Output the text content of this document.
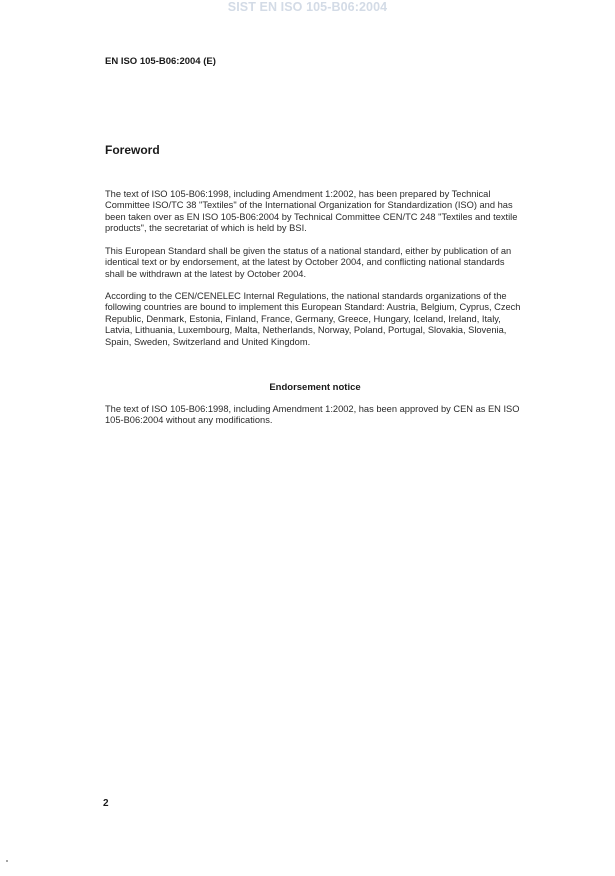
SIST EN ISO 105-B06:2004
EN ISO 105-B06:2004 (E)
Foreword

The text of ISO 105-B06:1998, including Amendment 1:2002, has been prepared by Technical Committee ISO/TC 38 "Textiles" of the International Organization for Standardization (ISO) and has been taken over as EN ISO 105-B06:2004 by Technical Committee CEN/TC 248 "Textiles and textile products", the secretariat of which is held by BSI.

This European Standard shall be given the status of a national standard, either by publication of an identical text or by endorsement, at the latest by October 2004, and conflicting national standards shall be withdrawn at the latest by October 2004.

According to the CEN/CENELEC Internal Regulations, the national standards organizations of the following countries are bound to implement this European Standard: Austria, Belgium, Cyprus, Czech Republic, Denmark, Estonia, Finland, France, Germany, Greece, Hungary, Iceland, Ireland, Italy, Latvia, Lithuania, Luxembourg, Malta, Netherlands, Norway, Poland, Portugal, Slovakia, Slovenia, Spain, Sweden, Switzerland and United Kingdom.

Endorsement notice

The text of ISO 105-B06:1998, including Amendment 1:2002, has been approved by CEN as EN ISO 105-B06:2004 without any modifications.

2
